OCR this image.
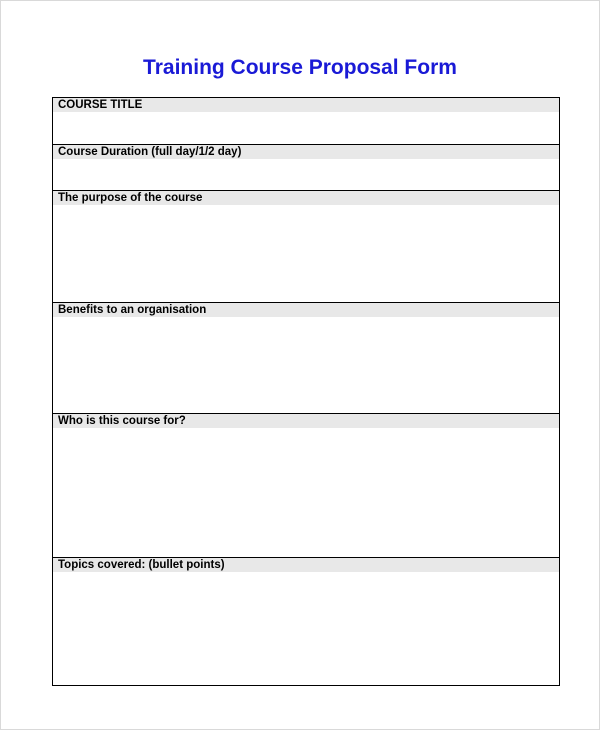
Training Course Proposal Form
COURSE TITLE
Course Duration (full day/1/2 day)
The purpose of the course
Benefits to an organisation
Who is this course for?
Topics covered: (bullet points)
